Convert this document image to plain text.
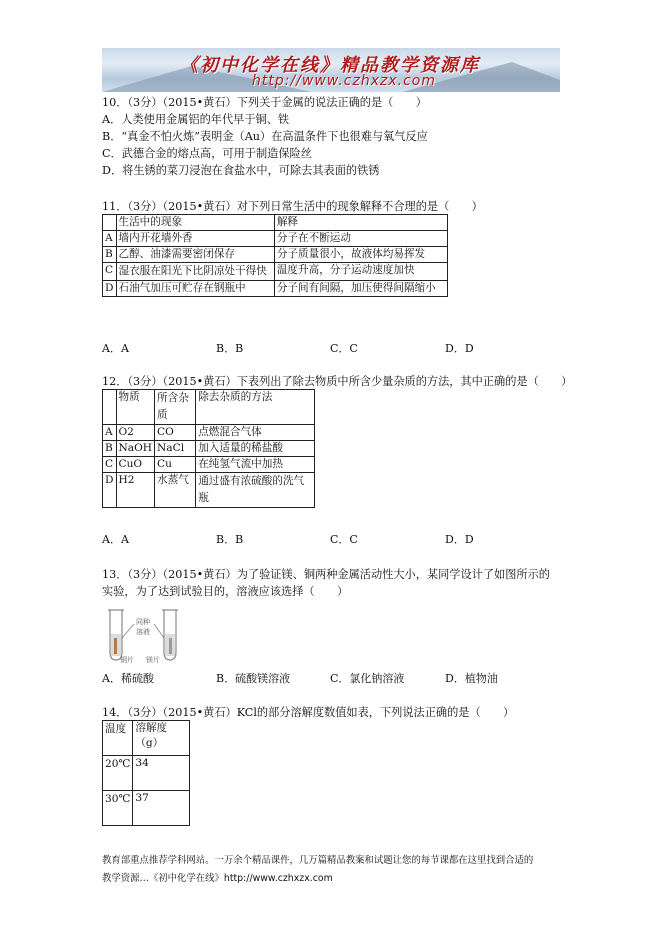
《初中化学在线》精品教学资源库
http://www.czhxzx.com
10．（3分）（2015•黄石）下列关于金属的说法正确的是（　　）
A．人类使用金属铝的年代早于铜、铁
B．“真金不怕火炼”表明金（Au）在高温条件下也很难与氧气反应
C．武德合金的熔点高，可用于制造保险丝
D．将生锈的菜刀浸泡在食盐水中，可除去其表面的铁锈
11．（3分）（2015•黄石）对下列日常生活中的现象解释不合理的是（　　）
	生活中的现象	解释
A	墙内开花墙外香	分子在不断运动
B	乙醇、油漆需要密闭保存	分子质量很小，故液体均易挥发
C	湿衣服在阳光下比阴凉处干得快	温度升高，分子运动速度加快
D	石油气加压可贮存在钢瓶中	分子间有间隔，加压使得间隔缩小
A．A	B．B	C．C	D．D
12．（3分）（2015•黄石）下表列出了除去物质中所含少量杂质的方法，其中正确的是（　　）
	物质	所含杂质	除去杂质的方法
A	O2	CO	点燃混合气体
B	NaOH	NaCl	加入适量的稀盐酸
C	CuO	Cu	在纯氢气流中加热
D	H2	水蒸气	通过盛有浓硫酸的洗气瓶
A．A	B．B	C．C	D．D
13．（3分）（2015•黄石）为了验证镁、铜两种金属活动性大小，某同学设计了如图所示的
实验，为了达到试验目的，溶液应该选择（　　）
同种
溶液
铜片 镁片
A．稀硫酸	B．硫酸镁溶液	C．氯化钠溶液	D．植物油
14．（3分）（2015•黄石）KCl的部分溶解度数值如表，下列说法正确的是（　　）
温度	溶解度（g）
20℃	34
30℃	37
教育部重点推荐学科网站。一万余个精品课件，几万篇精品教案和试题让您的每节课都在这里找到合适的
教学资源…《初中化学在线》http://www.czhxzx.com
